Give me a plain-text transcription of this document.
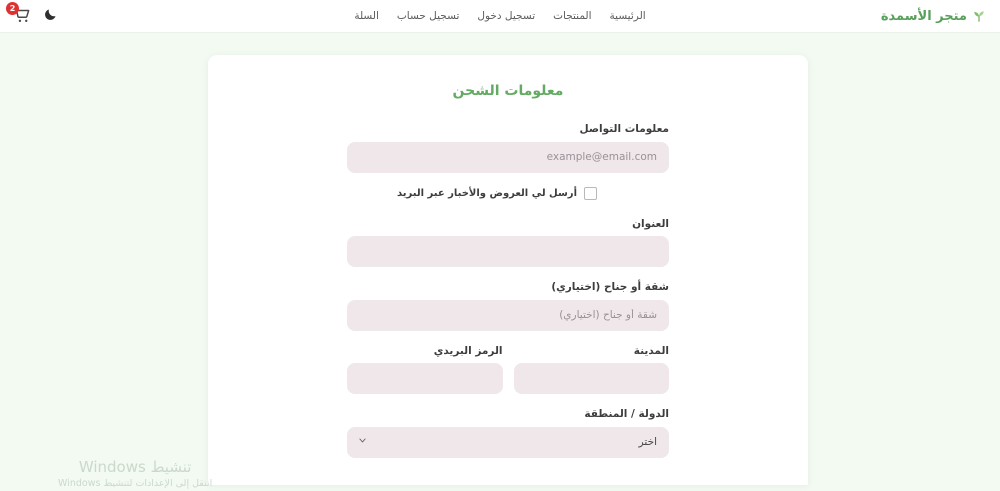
متجر الأسمدة
الرئيسية
المنتجات
تسجيل دخول
تسجيل حساب
السلة
2
معلومات الشحن
معلومات التواصل
example@email.com
أرسل لي العروض والأخبار عبر البريد
العنوان
شقة أو جناح (اختياري)
شقة أو جناح (اختياري)
المدينة
الرمز البريدي
الدولة / المنطقة
اختر
تنشيط Windows
انتقل إلى الإعدادات لتنشيط Windows
